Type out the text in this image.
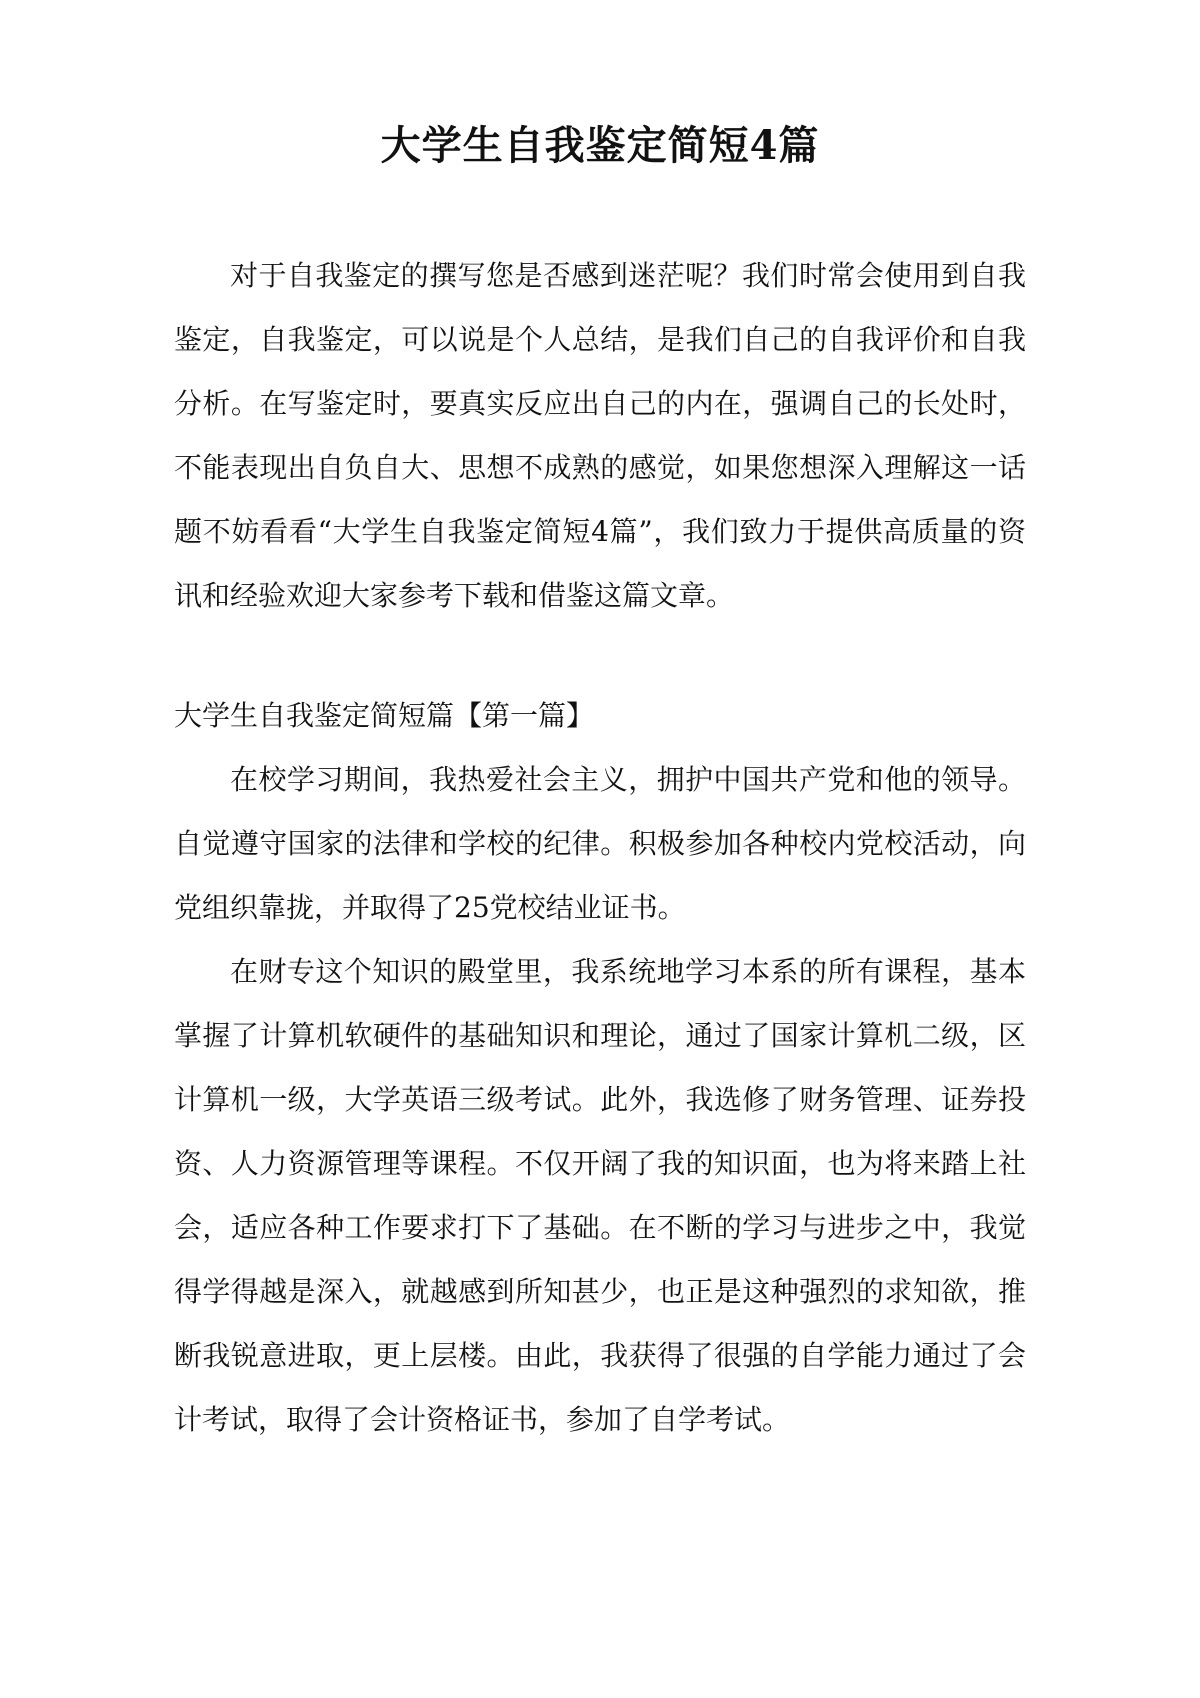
大学生自我鉴定简短4篇

对于自我鉴定的撰写您是否感到迷茫呢？我们时常会使用到自我鉴定，自我鉴定，可以说是个人总结，是我们自己的自我评价和自我分析。在写鉴定时，要真实反应出自己的内在，强调自己的长处时，不能表现出自负自大、思想不成熟的感觉，如果您想深入理解这一话题不妨看看“大学生自我鉴定简短4篇”，我们致力于提供高质量的资讯和经验欢迎大家参考下载和借鉴这篇文章。

大学生自我鉴定简短篇【第一篇】

在校学习期间，我热爱社会主义，拥护中国共产党和他的领导。自觉遵守国家的法律和学校的纪律。积极参加各种校内党校活动，向党组织靠拢，并取得了25党校结业证书。

在财专这个知识的殿堂里，我系统地学习本系的所有课程，基本掌握了计算机软硬件的基础知识和理论，通过了国家计算机二级，区计算机一级，大学英语三级考试。此外，我选修了财务管理、证券投资、人力资源管理等课程。不仅开阔了我的知识面，也为将来踏上社会，适应各种工作要求打下了基础。在不断的学习与进步之中，我觉得学得越是深入，就越感到所知甚少，也正是这种强烈的求知欲，推断我锐意进取，更上层楼。由此，我获得了很强的自学能力通过了会计考试，取得了会计资格证书，参加了自学考试。
